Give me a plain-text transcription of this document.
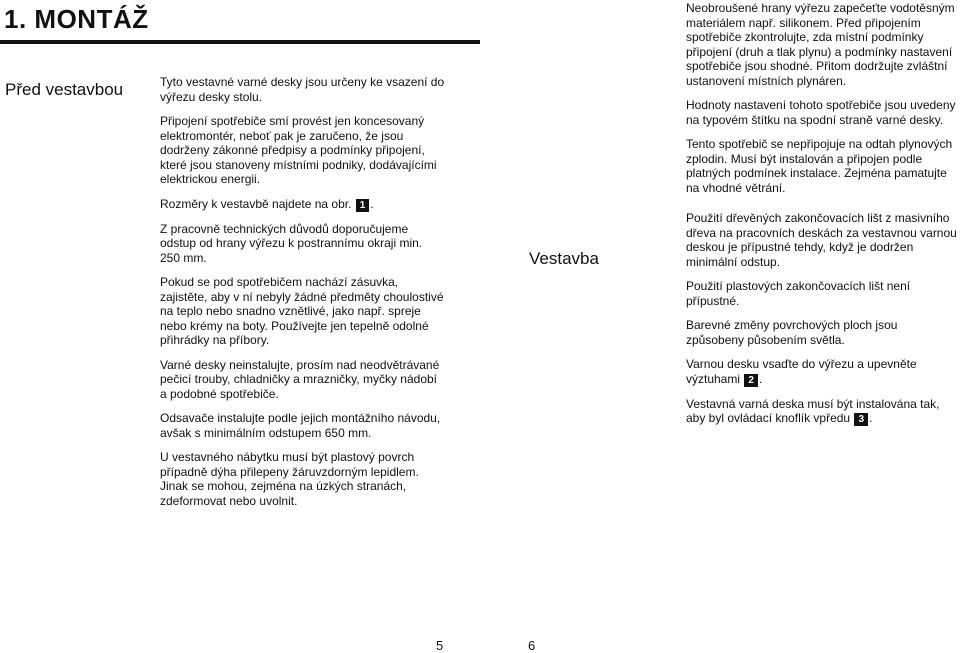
1. MONTÁŽ
Před vestavbou	Tyto vestavné varné desky jsou určeny ke vsazení do výřezu desky stolu.

Připojení spotřebiče smí provést jen koncesovaný elektromontér, neboť pak je zaručeno, že jsou dodrženy zákonné předpisy a podmínky připojení, které jsou stanoveny místními podniky, dodávajícími elektrickou energii.

Rozměry k vestavbě najdete na obr. 1 .

Z pracovně technických důvodů doporučujeme odstup od hrany výřezu k postrannímu okraji min. 250 mm.

Pokud se pod spotřebičem nachází zásuvka, zajistěte, aby v ní nebyly žádné předměty choulostivé na teplo nebo snadno vznětlivé, jako např. spreje nebo krémy na boty. Používejte jen tepelně odolné přihrádky na příbory.

Varné desky neinstalujte, prosím nad neodvětrávané pečicí trouby, chladničky a mrazničky, myčky nádobí a podobné spotřebiče.

Odsavače instalujte podle jejich montážního návodu, avšak s minimálním odstupem 650 mm.

U vestavného nábytku musí být plastový povrch případně dýha přilepeny žáruvzdorným lepidlem. Jinak se mohou, zejména na úzkých stranách, zdeformovat nebo uvolnit.

Vestavba

Neobroušené hrany výřezu zapečeťte vodotěsným materiálem např. silikonem. Před připojením spotřebiče zkontrolujte, zda místní podmínky připojení (druh a tlak plynu) a podmínky nastavení spotřebiče jsou shodné. Přitom dodržujte zvláštní ustanovení místních plynáren.

Hodnoty nastavení tohoto spotřebiče jsou uvedeny na typovém štítku na spodní straně varné desky.

Tento spotřebič se nepřipojuje na odtah plynových zplodin. Musí být instalován a připojen podle platných podmínek instalace. Zejména pamatujte na vhodné větrání.

Použití dřevěných zakončovacích lišt z masivního dřeva na pracovních deskách za vestavnou varnou deskou je přípustné tehdy, když je dodržen minimální odstup.

Použití plastových zakončovacích lišt není přípustné.

Barevné změny povrchových ploch jsou způsobeny působením světla.

Varnou desku vsaďte do výřezu a upevněte výztuhami 2 .

Vestavná varná deska musí být instalována tak, aby byl ovládací knoflík vpředu 3 .

5	6
